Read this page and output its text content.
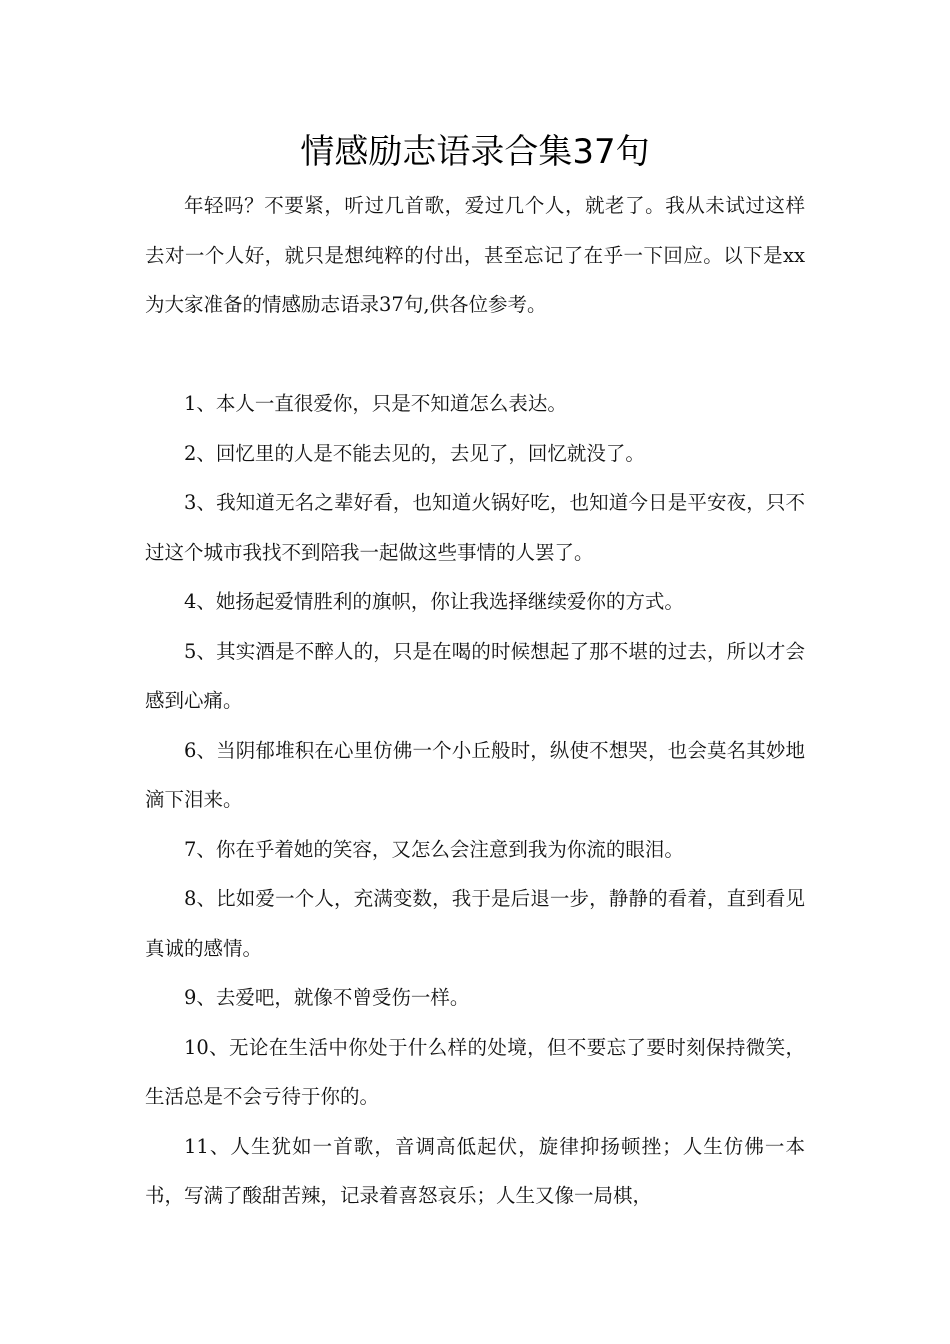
情感励志语录合集37句

年轻吗？不要紧，听过几首歌，爱过几个人，就老了。我从未试过这样去对一个人好，就只是想纯粹的付出，甚至忘记了在乎一下回应。以下是xx为大家准备的情感励志语录37句,供各位参考。

1、本人一直很爱你，只是不知道怎么表达。

2、回忆里的人是不能去见的，去见了，回忆就没了。

3、我知道无名之辈好看，也知道火锅好吃，也知道今日是平安夜，只不过这个城市我找不到陪我一起做这些事情的人罢了。

4、她扬起爱情胜利的旗帜，你让我选择继续爱你的方式。

5、其实酒是不醉人的，只是在喝的时候想起了那不堪的过去，所以才会感到心痛。

6、当阴郁堆积在心里仿佛一个小丘般时，纵使不想哭，也会莫名其妙地滴下泪来。

7、你在乎着她的笑容，又怎么会注意到我为你流的眼泪。

8、比如爱一个人，充满变数，我于是后退一步，静静的看着，直到看见真诚的感情。

9、去爱吧，就像不曾受伤一样。

10、无论在生活中你处于什么样的处境，但不要忘了要时刻保持微笑，生活总是不会亏待于你的。

11、人生犹如一首歌，音调高低起伏，旋律抑扬顿挫；人生仿佛一本书，写满了酸甜苦辣，记录着喜怒哀乐；人生又像一局棋，
